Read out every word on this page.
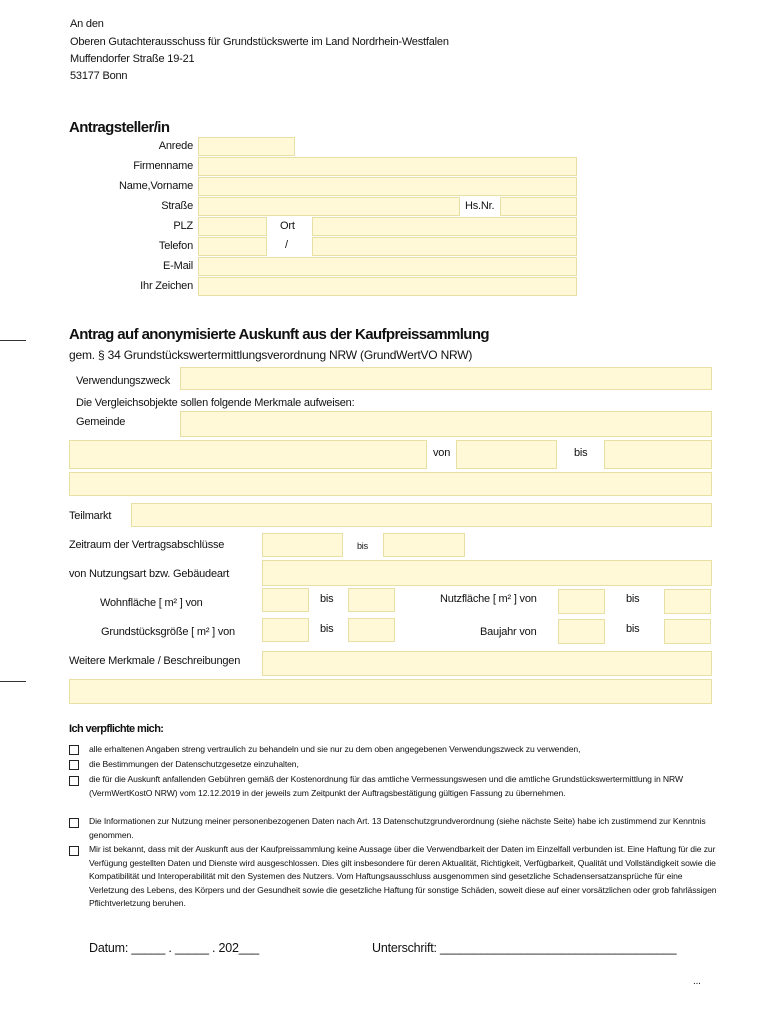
An den
Oberen Gutachterausschuss für Grundstückswerte im Land Nordrhein-Westfalen
Muffendorfer Straße 19-21
53177 Bonn
Antragsteller/in
Anrede
Firmenname
Name,Vorname
Straße	Hs.Nr.
PLZ	Ort
Telefon	/
E-Mail
Ihr Zeichen
Antrag auf anonymisierte Auskunft aus der Kaufpreissammlung
gem. § 34 Grundstückswertermittlungsverordnung NRW (GrundWertVO NRW)
Verwendungszweck
Die Vergleichsobjekte sollen folgende Merkmale aufweisen:
Gemeinde
von	bis
Teilmarkt
Zeitraum der Vertragsabschlüsse	bis
von Nutzungsart bzw. Gebäudeart
Wohnfläche [ m² ] von	bis	Nutzfläche [ m² ] von	bis
Grundstücksgröße [ m² ] von	bis	Baujahr von	bis
Weitere Merkmale / Beschreibungen
Ich verpflichte mich:
alle erhaltenen Angaben streng vertraulich zu behandeln und sie nur zu dem oben angegebenen Verwendungszweck zu verwenden,
die Bestimmungen der Datenschutzgesetze einzuhalten,
die für die Auskunft anfallenden Gebühren gemäß der Kostenordnung für das amtliche Vermessungswesen und die amtliche Grundstückswertermittlung in NRW (VermWertKostO NRW) vom 12.12.2019 in der jeweils zum Zeitpunkt der Auftragsbestätigung gültigen Fassung zu übernehmen.
Die Informationen zur Nutzung meiner personenbezogenen Daten nach Art. 13 Datenschutzgrundverordnung (siehe nächste Seite) habe ich zustimmend zur Kenntnis genommen.
Mir ist bekannt, dass mit der Auskunft aus der Kaufpreissammlung keine Aussage über die Verwendbarkeit der Daten im Einzelfall verbunden ist. Eine Haftung für die zur Verfügung gestellten Daten und Dienste wird ausgeschlossen. Dies gilt insbesondere für deren Aktualität, Richtigkeit, Verfügbarkeit, Qualität und Vollständigkeit sowie die Kompatibilität und Interoperabilität mit den Systemen des Nutzers. Vom Haftungsausschluss ausgenommen sind gesetzliche Schadensersatzansprüche für eine Verletzung des Lebens, des Körpers und der Gesundheit sowie die gesetzliche Haftung für sonstige Schäden, soweit diese auf einer vorsätzlichen oder grob fahrlässigen Pflichtverletzung beruhen.
Datum: _____ . _____ . 202___	Unterschrift: ___________________________________
...
